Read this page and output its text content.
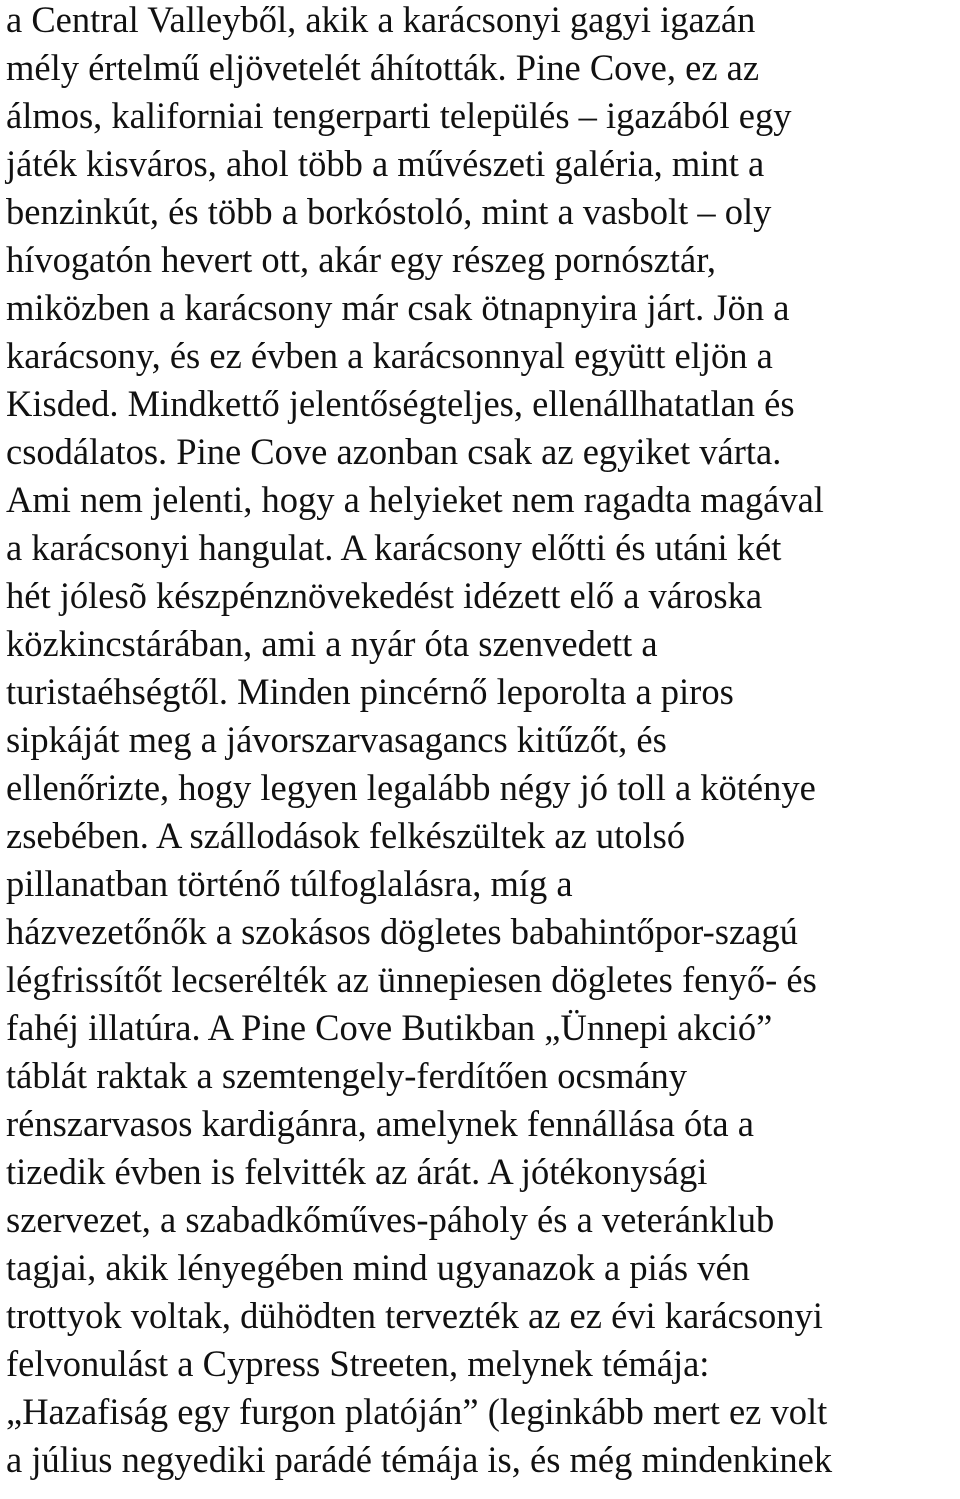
a Central Valleyből, akik a karácsonyi gagyi igazán
mély értelmű eljövetelét áhították. Pine Cove, ez az
álmos, kaliforniai tengerparti település – igazából egy
játék kisváros, ahol több a művészeti galéria, mint a
benzinkút, és több a borkóstoló, mint a vasbolt – oly
hívogatón hevert ott, akár egy részeg pornósztár,
miközben a karácsony már csak ötnapnyira járt. Jön a
karácsony, és ez évben a karácsonnyal együtt eljön a
Kisded. Mindkettő jelentőségteljes, ellenállhatatlan és
csodálatos. Pine Cove azonban csak az egyiket várta.
Ami nem jelenti, hogy a helyieket nem ragadta magával
a karácsonyi hangulat. A karácsony előtti és utáni két
hét jólesõ készpénznövekedést idézett elő a városka
közkincstárában, ami a nyár óta szenvedett a
turistaéhségtől. Minden pincérnő leporolta a piros
sipkáját meg a jávorszarvasagancs kitűzőt, és
ellenőrizte, hogy legyen legalább négy jó toll a kötényе
zsebében. A szállodások felkészültek az utolsó
pillanatban történő túlfoglalásra, míg a
házvezetőnők a szokásos dögletes babahintőpor-szagú
légfrissítőt lecserélték az ünnepiesen dögletes fenyő- és
fahéj illatúra. A Pine Cove Butikban „Ünnepi akció”
táblát raktak a szemtengely-ferdítően ocsmány
rénszarvasos kardigánra, amelynek fennállása óta a
tizedik évben is felvitték az árát. A jótékonysági
szervezet, a szabadkőműves-páholy és a veteránklub
tagjai, akik lényegében mind ugyanazok a piás vén
trottyok voltak, dühödten tervezték az ez évi karácsonyi
felvonulást a Cypress Streeten, melynek témája:
„Hazafiság egy furgon platóján” (leginkább mert ez volt
a július negyediki parádé témája is, és még mindenkinek
